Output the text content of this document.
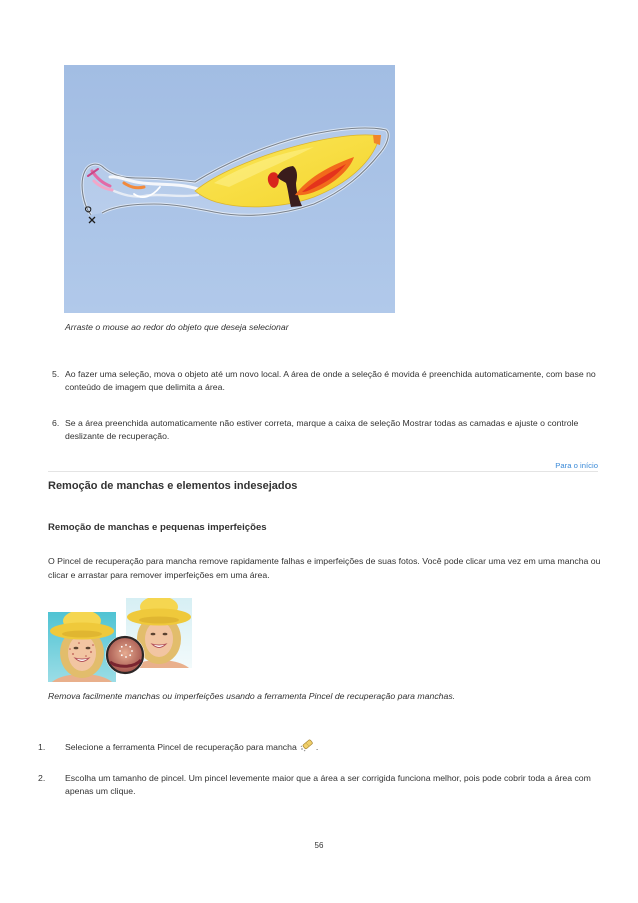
Arraste o mouse ao redor do objeto que deseja selecionar
5. Ao fazer uma seleção, mova o objeto até um novo local. A área de onde a seleção é movida é preenchida automaticamente, com base no
conteúdo de imagem que delimita a área.
6. Se a área preenchida automaticamente não estiver correta, marque a caixa de seleção Mostrar todas as camadas e ajuste o controle
deslizante de recuperação.
Para o início
Remoção de manchas e elementos indesejados
Remoção de manchas e pequenas imperfeições
O Pincel de recuperação para mancha remove rapidamente falhas e imperfeições de suas fotos. Você pode clicar uma vez em uma mancha ou
clicar e arrastar para remover imperfeições em uma área.
Remova facilmente manchas ou imperfeições usando a ferramenta Pincel de recuperação para manchas.
1. Selecione a ferramenta Pincel de recuperação para mancha .
2. Escolha um tamanho de pincel. Um pincel levemente maior que a área a ser corrigida funciona melhor, pois pode cobrir toda a área com
apenas um clique.
56
